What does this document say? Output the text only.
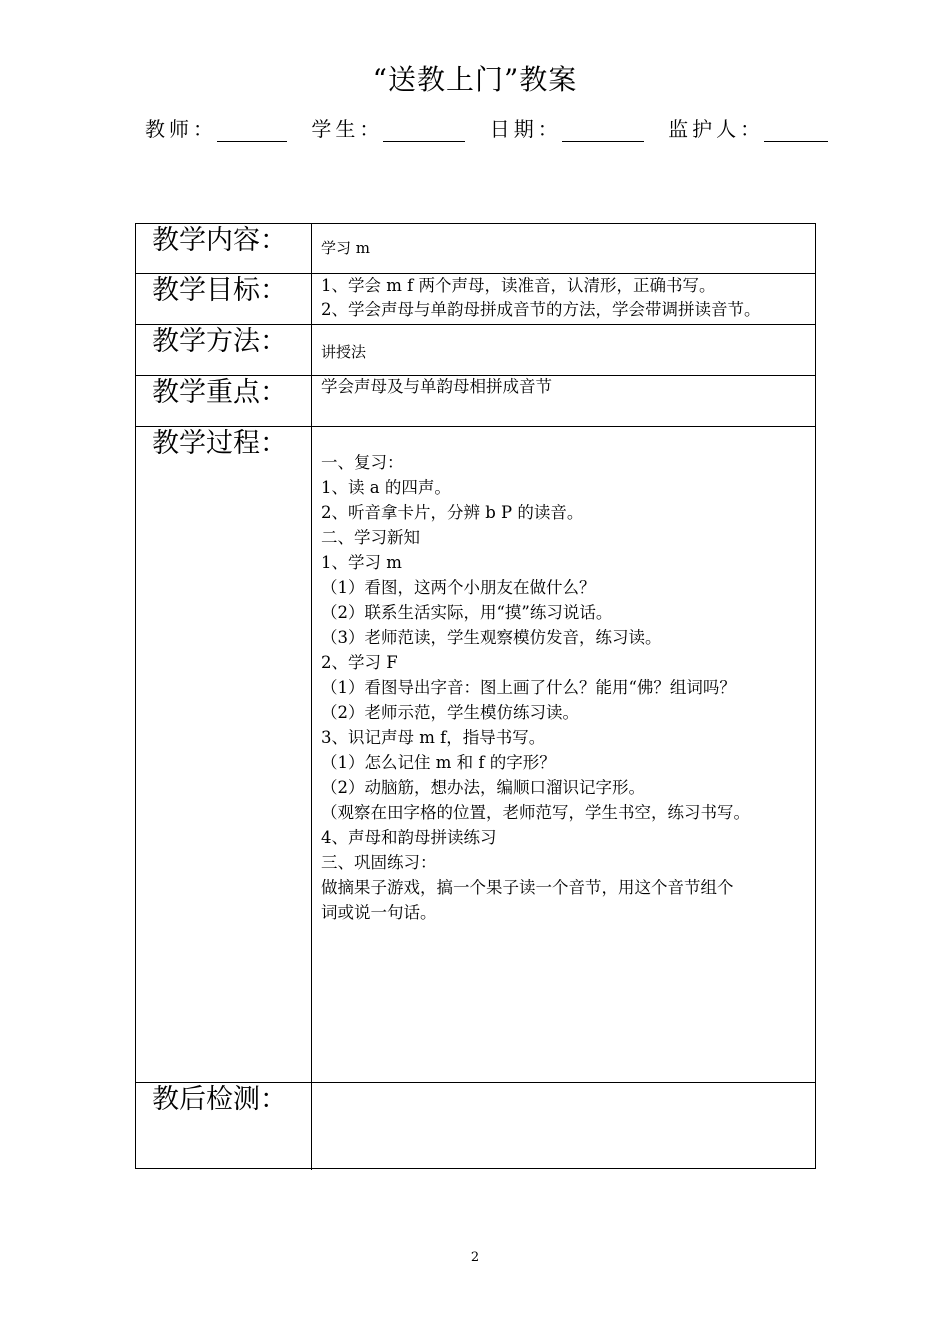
“送教上门”教案
教师：	学生：	日期：	监护人：
教学内容： 学习 m
教学目标： 1、学会 m f 两个声母，读准音，认清形，正确书写。
2、学会声母与单韵母拼成音节的方法，学会带调拼读音节。
教学方法： 讲授法
教学重点： 学会声母及与单韵母相拼成音节
教学过程：
一、复习：
1、读 a 的四声。
2、听音拿卡片，分辨 b P 的读音。
二、学习新知
1、学习 m
（1）看图，这两个小朋友在做什么？
（2）联系生活实际，用“摸”练习说话。
（3）老师范读，学生观察模仿发音，练习读。
2、学习 F
（1）看图导出字音：图上画了什么？能用“佛？组词吗？
（2）老师示范，学生模仿练习读。
3、识记声母 m f，指导书写。
（1）怎么记住 m 和 f 的字形？
（2）动脑筋，想办法，编顺口溜识记字形。
（观察在田字格的位置，老师范写，学生书空，练习书写。
4、声母和韵母拼读练习
三、巩固练习：
做摘果子游戏，搞一个果子读一个音节，用这个音节组个
词或说一句话。
教后检测：
2
